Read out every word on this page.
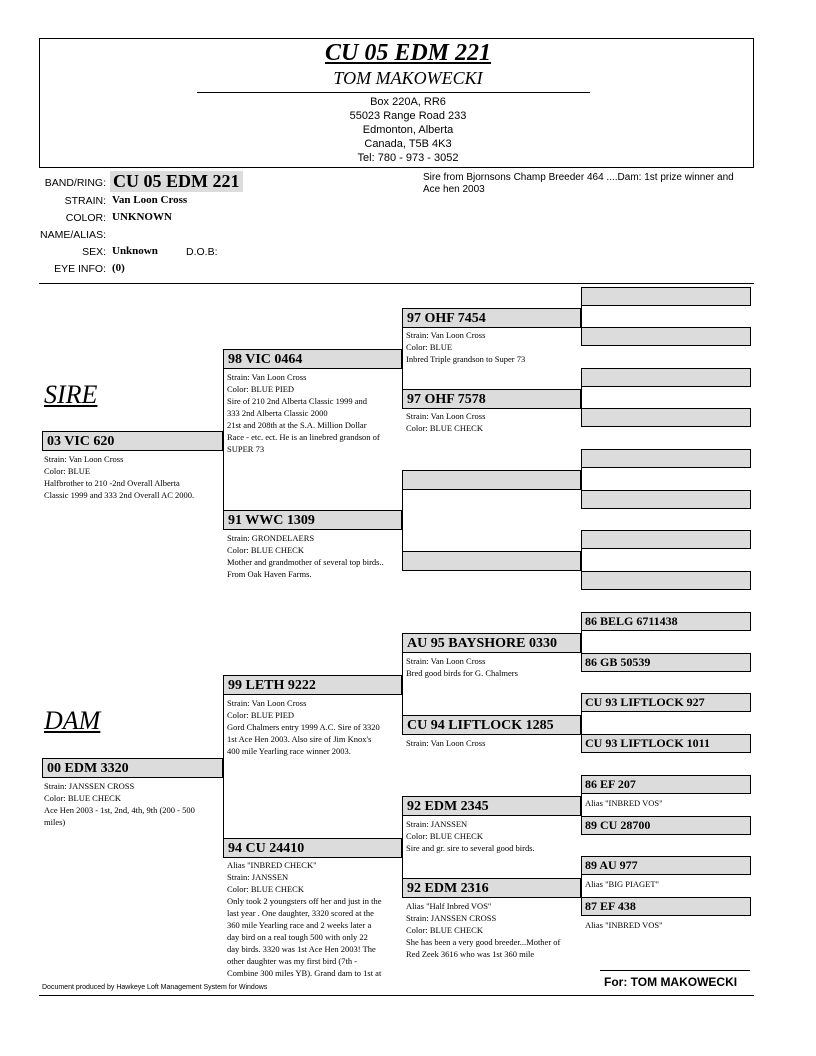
CU 05 EDM 221
TOM MAKOWECKI
Box 220A, RR6
55023 Range Road 233
Edmonton, Alberta
Canada, T5B 4K3
Tel: 780 - 973 - 3052
BAND/RING: CU 05 EDM 221
STRAIN: Van Loon Cross
COLOR: UNKNOWN
NAME/ALIAS:
SEX: Unknown	D.O.B:
EYE INFO: (0)
Sire from Bjornsons Champ Breeder 464 ....Dam: 1st prize winner and Ace hen 2003
SIRE
DAM
03 VIC 620
Strain: Van Loon Cross
Color: BLUE
Halfbrother to 210 -2nd Overall Alberta
Classic 1999 and 333 2nd Overall AC 2000.
00 EDM 3320
Strain: JANSSEN CROSS
Color: BLUE CHECK
Ace Hen 2003 - 1st, 2nd, 4th, 9th (200 - 500
miles)
98 VIC 0464
Strain: Van Loon Cross
Color: BLUE PIED
Sire of 210 2nd Alberta Classic 1999 and
333 2nd Alberta Classic 2000
21st and 208th at the S.A. Million Dollar
Race - etc. ect. He is an linebred grandson of
SUPER 73
91 WWC 1309
Strain: GRONDELAERS
Color: BLUE CHECK
Mother and grandmother of several top birds..
From Oak Haven Farms.
99 LETH 9222
Strain: Van Loon Cross
Color: BLUE PIED
Gord Chalmers entry 1999 A.C. Sire of 3320
1st Ace Hen 2003. Also sire of Jim Knox's
400 mile Yearling race winner 2003.
94 CU 24410
Alias "INBRED CHECK"
Strain: JANSSEN
Color: BLUE CHECK
Only took 2 youngsters off her and just in the
last year . One daughter, 3320 scored at the
360 mile Yearling race and 2 weeks later a
day bird on a real tough 500 with only 22
day birds. 3320 was 1st Ace Hen 2003! The
other daughter was my first bird (7th -
Combine 300 miles YB). Grand dam to 1st at
97 OHF 7454
Strain: Van Loon Cross
Color: BLUE
Inbred Triple grandson to Super 73
97 OHF 7578
Strain: Van Loon Cross
Color: BLUE CHECK
AU 95 BAYSHORE 0330
Strain: Van Loon Cross
Bred good birds for G. Chalmers
CU 94 LIFTLOCK 1285
Strain: Van Loon Cross
92 EDM 2345
Strain: JANSSEN
Color: BLUE CHECK
Sire and gr. sire to several good birds.
92 EDM 2316
Alias "Half Inbred VOS"
Strain: JANSSEN CROSS
Color: BLUE CHECK
She has been a very good breeder...Mother of
Red Zeek 3616 who was 1st 360 mile
86 BELG 6711438
86 GB 50539
CU 93 LIFTLOCK 927
CU 93 LIFTLOCK 1011
86 EF 207
Alias "INBRED VOS"
89 CU 28700
89 AU 977
Alias "BIG PIAGET"
87 EF 438
Alias "INBRED VOS"
Document produced by Hawkeye Loft Management System for Windows	For: TOM MAKOWECKI
